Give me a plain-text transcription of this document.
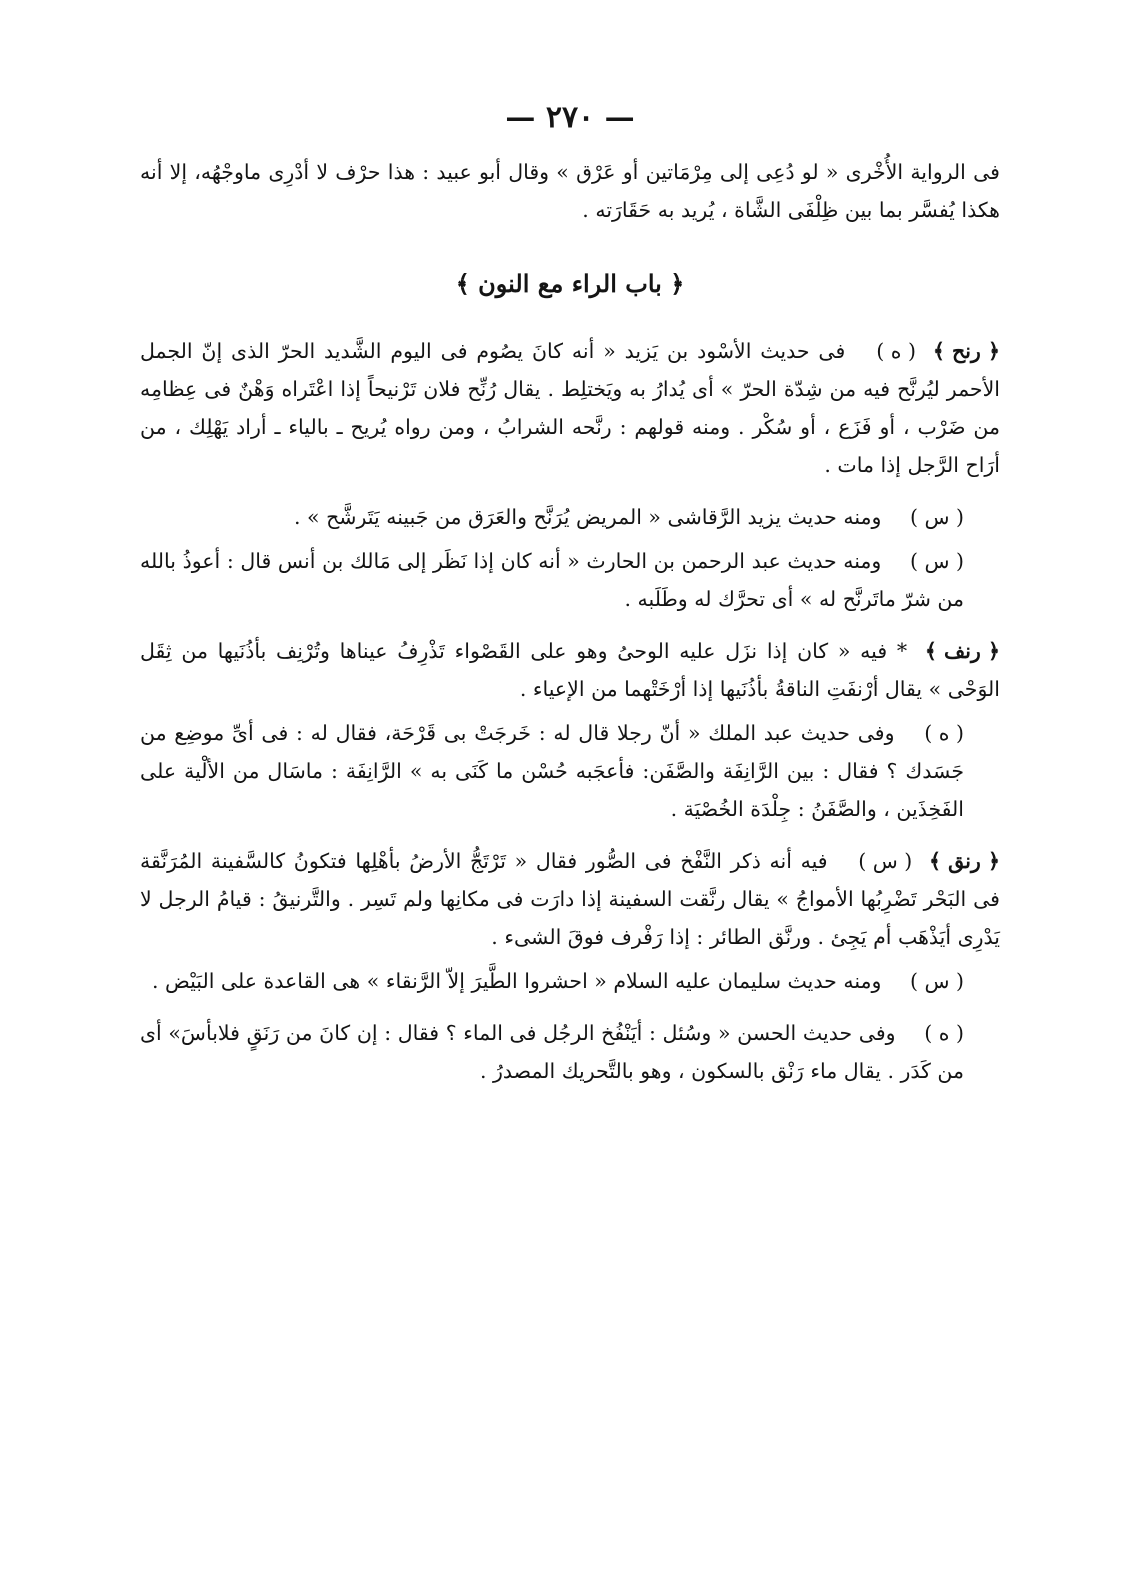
— ٢٧٠ —

فى الرواية الأُخْرى « لو دُعِى إلى مِرْمَاتين أو عَرْق » وقال أبو عبيد : هذا حرْف لا أدْرِى ماوجْهُه، إلا أنه هكذا يُفسَّر بما بين ظِلْفَى الشَّاة ، يُريد به حَقَارَته .

﴿ باب الراء مع النون ﴾

﴿ رنح ﴾ ( ه ) فى حديث الأسْود بن يَزيد « أنه كانَ يصُوم فى اليوم الشَّديد الحرّ الذى إنّ الجمل الأحمر ليُرنَّح فيه من شِدّة الحرّ » أى يُدارُ به ويَختلِط . يقال رُنِّح فلان تَرْنيحاً إذا اعْتَراه وَهْنٌ فى عِظامِه من ضَرْب ، أو فَزَع ، أو سُكْر . ومنه قولهم : رنَّحه الشرابُ ، ومن رواه يُريح ـ بالياء ـ أراد يَهْلِك ، من أرَاح الرَّجل إذا مات .

( س ) ومنه حديث يزيد الرَّقاشى « المريض يُرَنَّح والعَرَق من جَبينه يَتَرشَّح » .

( س ) ومنه حديث عبد الرحمن بن الحارث « أنه كان إذا نَظَر إلى مَالك بن أنس قال : أعوذُ بالله من شرّ ماتَرنَّح له » أى تحرَّك له وطَلَبه .

﴿ رنف ﴾ * فيه « كان إذا نزَل عليه الوحىُ وهو على القَصْواء تَذْرِفُ عيناها وتُرْنِف بأذُنَيها من ثِقَل الوَحْى » يقال أرْنفَتِ الناقةُ بأذُنَيها إذا أرْخَتْهما من الإعياء .

( ه ) وفى حديث عبد الملك « أنّ رجلا قال له : خَرجَتْ بى قَرْحَة، فقال له : فى أىِّ موضِع من جَسَدك ؟ فقال : بين الرَّانِفَة والصَّفَن: فأعجَبه حُسْن ما كَنَى به » الرَّانِفَة : ماسَال من الألْية على الفَخِذَين ، والصَّفَنُ : جِلْدَة الخُصْيَة .

﴿ رنق ﴾ ( س ) فيه أنه ذكر النَّفْخ فى الصُّور فقال « تَرْتَجُّ الأرضُ بأهْلِها فتكونُ كالسَّفينة المُرَنَّقة فى البَحْر تَضْرِبُها الأمواجُ » يقال رنَّقت السفينة إذا دارَت فى مكانِها ولم تَسِر . والتَّرنيقُ : قيامُ الرجل لا يَدْرِى أيَذْهَب أم يَجِئ . ورنَّق الطائر : إذا رَفْرف فوقَ الشىء .

( س ) ومنه حديث سليمان عليه السلام « احشروا الطَّيرَ إلاّ الرَّنقاء » هى القاعدة على البَيْض .

( ه ) وفى حديث الحسن « وسُئل : أيَنْفُخ الرجُل فى الماء ؟ فقال : إن كانَ من رَنَقٍ فلابأسَ» أى من كَدَر . يقال ماء رَنْق بالسكون ، وهو بالتَّحريك المصدرُ .
